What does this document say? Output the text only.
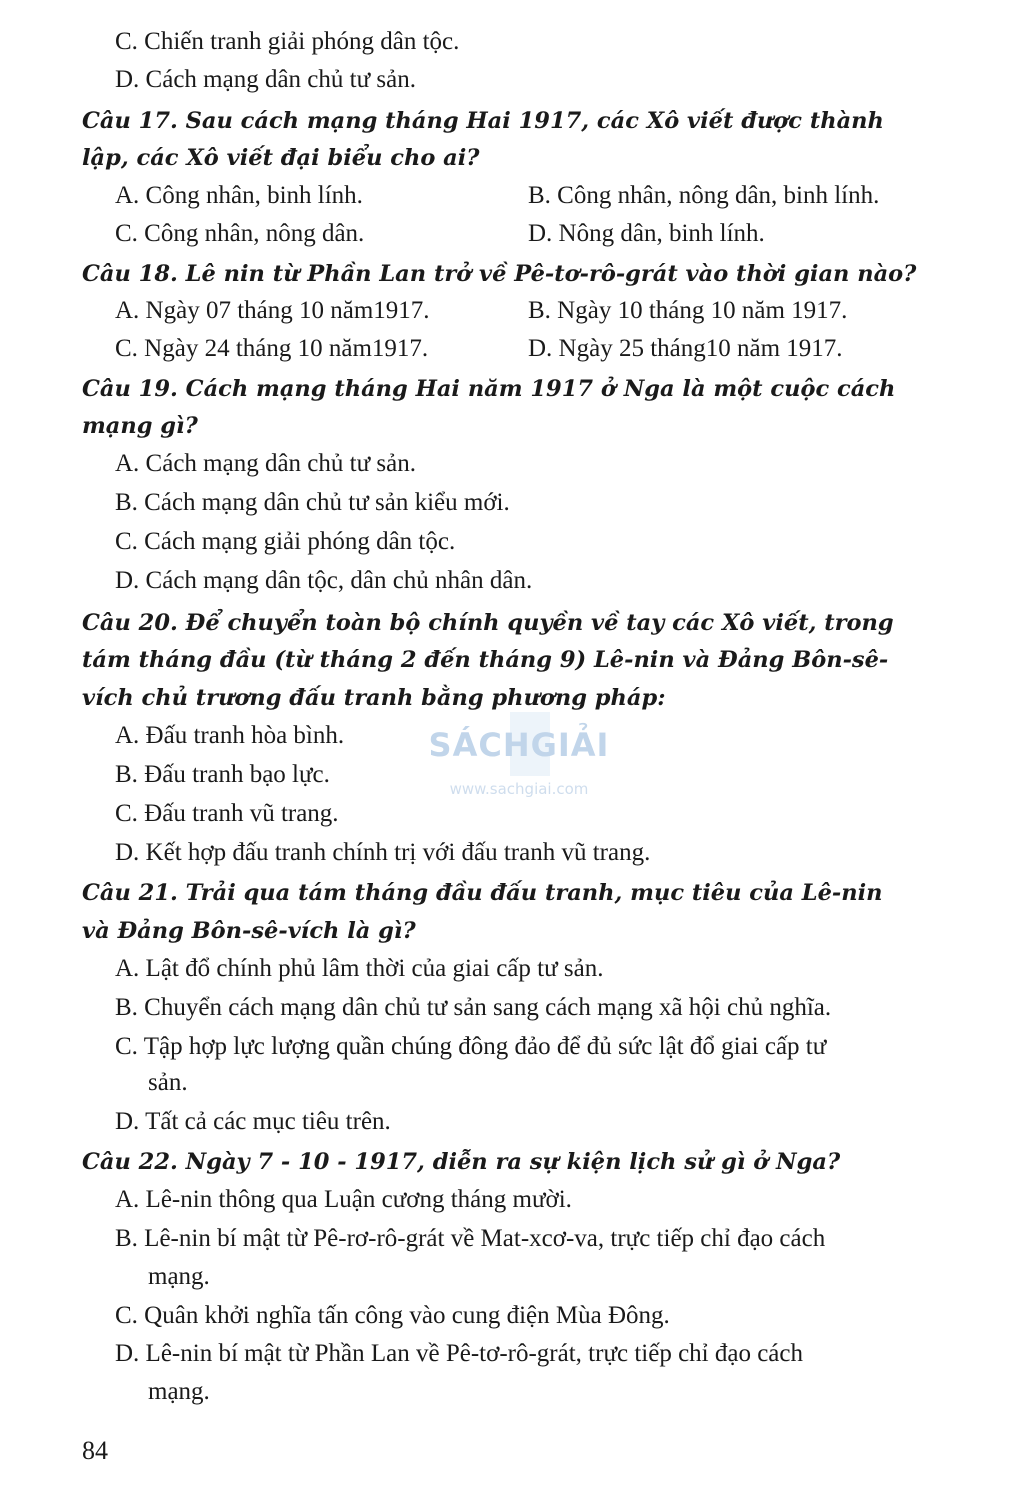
C. Chiến tranh giải phóng dân tộc.
D. Cách mạng dân chủ tư sản.
Câu 17. Sau cách mạng tháng Hai 1917, các Xô viết được thành
lập, các Xô viết đại biểu cho ai?
A. Công nhân, binh lính.	B. Công nhân, nông dân, binh lính.
C. Công nhân, nông dân.	D. Nông dân, binh lính.
Câu 18. Lê nin từ Phần Lan trở về Pê-tơ-rô-grát vào thời gian nào?
A. Ngày 07 tháng 10 năm1917.	B. Ngày 10 tháng 10 năm 1917.
C. Ngày 24 tháng 10 năm1917.	D. Ngày 25 tháng10 năm 1917.
Câu 19. Cách mạng tháng Hai năm 1917 ở Nga là một cuộc cách
mạng gì?
A. Cách mạng dân chủ tư sản.
B. Cách mạng dân chủ tư sản kiểu mới.
C. Cách mạng giải phóng dân tộc.
D. Cách mạng dân tộc, dân chủ nhân dân.
Câu 20. Để chuyển toàn bộ chính quyền về tay các Xô viết, trong
tám tháng đầu (từ tháng 2 đến tháng 9) Lê-nin và Đảng Bôn-sê-
vích chủ trương đấu tranh bằng phương pháp:
A. Đấu tranh hòa bình.
B. Đấu tranh bạo lực.
C. Đấu tranh vũ trang.
D. Kết hợp đấu tranh chính trị với đấu tranh vũ trang.
Câu 21. Trải qua tám tháng đầu đấu tranh, mục tiêu của Lê-nin
và Đảng Bôn-sê-vích là gì?
A. Lật đổ chính phủ lâm thời của giai cấp tư sản.
B. Chuyển cách mạng dân chủ tư sản sang cách mạng xã hội chủ nghĩa.
C. Tập hợp lực lượng quần chúng đông đảo để đủ sức lật đổ giai cấp tư
sản.
D. Tất cả các mục tiêu trên.
Câu 22. Ngày 7 - 10 - 1917, diễn ra sự kiện lịch sử gì ở Nga?
A. Lê-nin thông qua Luận cương tháng mười.
B. Lê-nin bí mật từ Pê-rơ-rô-grát về Mat-xcơ-va, trực tiếp chỉ đạo cách
mạng.
C. Quân khởi nghĩa tấn công vào cung điện Mùa Đông.
D. Lê-nin bí mật từ Phần Lan về Pê-tơ-rô-grát, trực tiếp chỉ đạo cách
mạng.
84
SÁCHGIẢI
www.sachgiai.com
